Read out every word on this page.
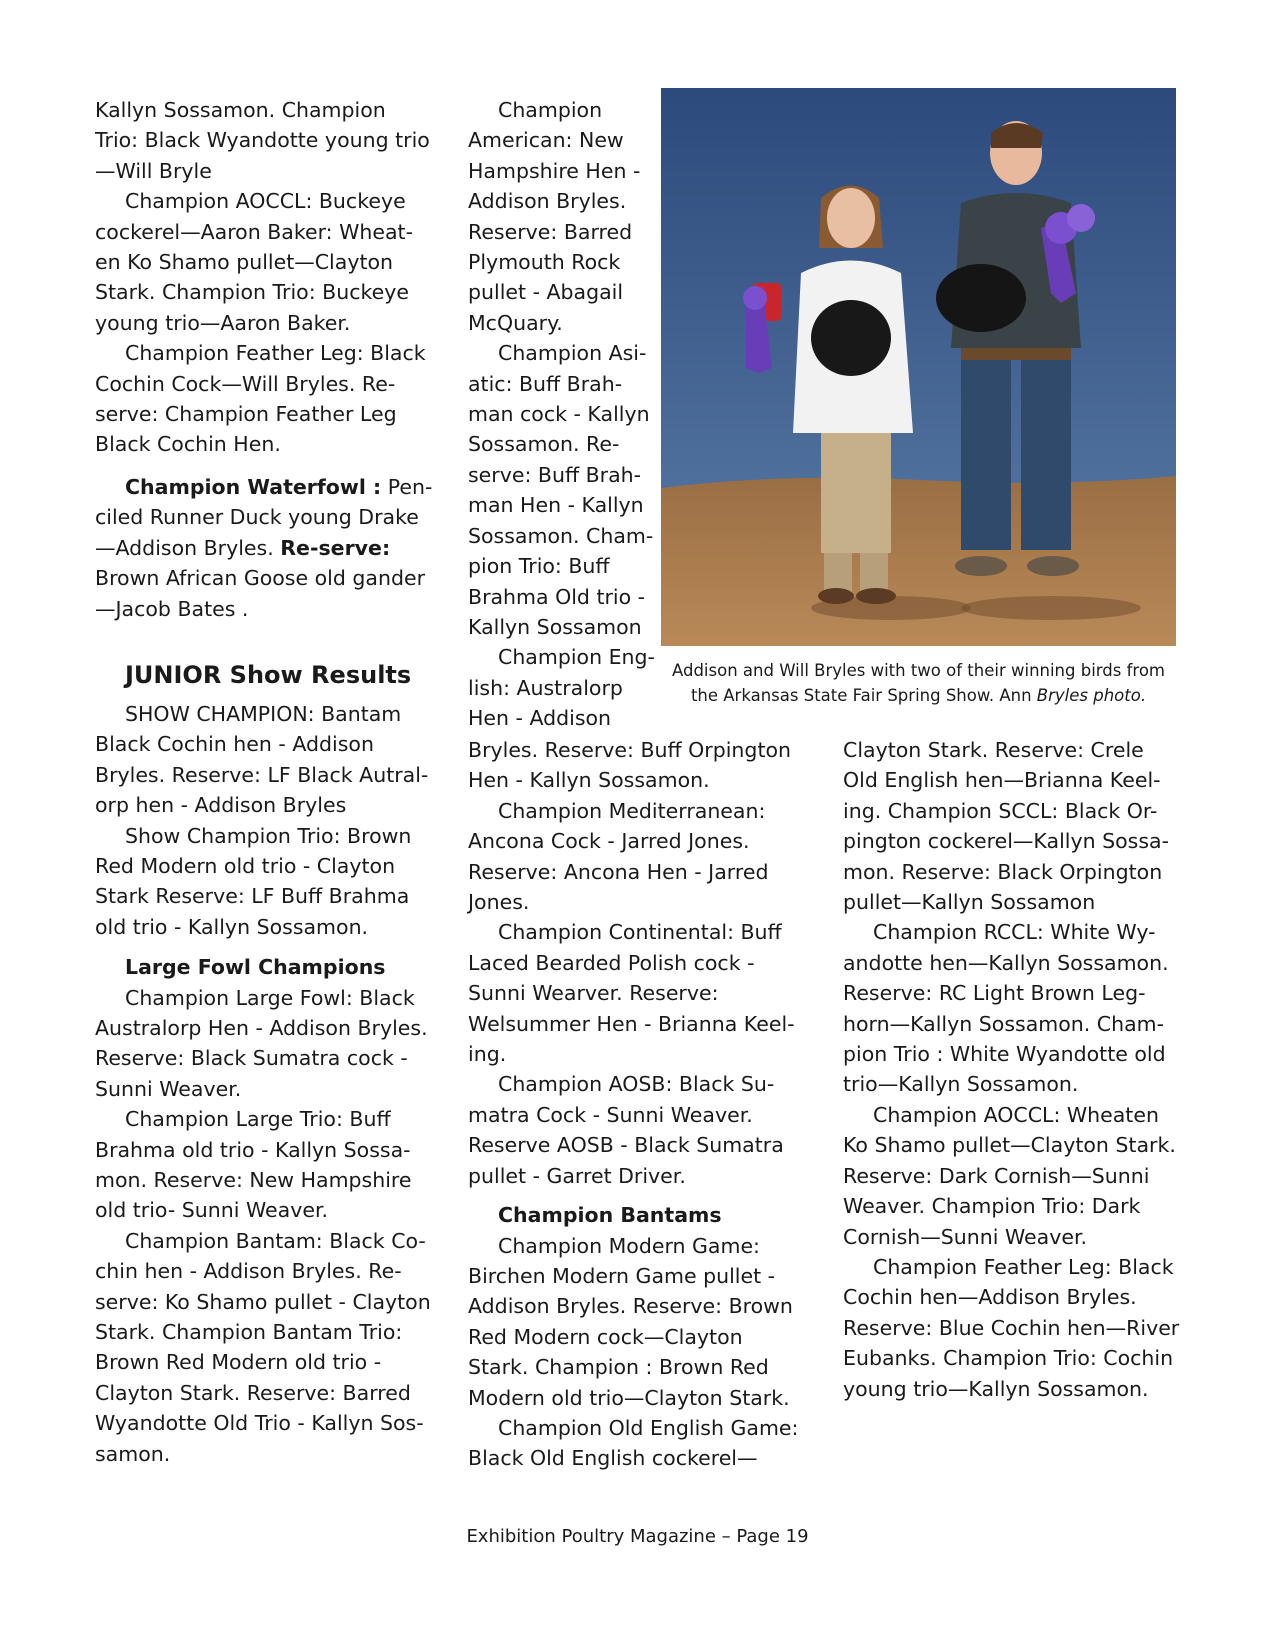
Kallyn Sossamon. Champion Trio: Black Wyandotte young trio—Will Bryle

Champion AOCCL: Buckeye cockerel—Aaron Baker: Wheat-en Ko Shamo pullet—Clayton Stark. Champion Trio: Buckeye young trio—Aaron Baker.

Champion Feather Leg: Black Cochin Cock—Will Bryles. Re-serve: Champion Feather Leg Black Cochin Hen.

Champion Waterfowl : Pen-ciled Runner Duck young Drake—Addison Bryles. Re-serve: Brown African Goose old gander—Jacob Bates .

JUNIOR Show Results

SHOW CHAMPION: Bantam Black Cochin hen - Addison Bryles. Reserve: LF Black Autral-orp hen - Addison Bryles

Show Champion Trio: Brown Red Modern old trio - Clayton Stark Reserve: LF Buff Brahma old trio - Kallyn Sossamon.

Large Fowl Champions

Champion Large Fowl: Black Australorp Hen - Addison Bryles. Reserve: Black Sumatra cock - Sunni Weaver.

Champion Large Trio: Buff Brahma old trio - Kallyn Sossa-mon. Reserve: New Hampshire old trio- Sunni Weaver.

Champion Bantam: Black Co-chin hen - Addison Bryles. Re-serve: Ko Shamo pullet - Clayton Stark. Champion Bantam Trio: Brown Red Modern old trio - Clayton Stark. Reserve: Barred Wyandotte Old Trio - Kallyn Sos-samon.

Champion American: New Hampshire Hen - Addison Bryles. Reserve: Barred Plymouth Rock pullet - Abagail McQuary.

Champion Asi-atic: Buff Brah-man cock - Kallyn Sossamon. Re-serve: Buff Brah-man Hen - Kallyn Sossamon. Cham-pion Trio: Buff Brahma Old trio - Kallyn Sossamon

Champion Eng-lish: Australorp Hen - Addison

Bryles. Reserve: Buff Orpington Hen - Kallyn Sossamon.

Champion Mediterranean: Ancona Cock - Jarred Jones. Reserve: Ancona Hen - Jarred Jones.

Champion Continental: Buff Laced Bearded Polish cock - Sunni Wearver. Reserve: Welsummer Hen - Brianna Keel-ing.

Champion AOSB: Black Su-matra Cock - Sunni Weaver. Reserve AOSB - Black Sumatra pullet - Garret Driver.

Champion Bantams

Champion Modern Game: Birchen Modern Game pullet - Addison Bryles. Reserve: Brown Red Modern cock—Clayton Stark. Champion : Brown Red Modern old trio—Clayton Stark.

Champion Old English Game: Black Old English cockerel—

Clayton Stark. Reserve: Crele Old English hen—Brianna Keel-ing. Champion SCCL: Black Or-pington cockerel—Kallyn Sossa-mon. Reserve: Black Orpington pullet—Kallyn Sossamon

Champion RCCL: White Wy-andotte hen—Kallyn Sossamon. Reserve: RC Light Brown Leg-horn—Kallyn Sossamon. Cham-pion Trio : White Wyandotte old trio—Kallyn Sossamon.

Champion AOCCL: Wheaten Ko Shamo pullet—Clayton Stark. Reserve: Dark Cornish—Sunni Weaver. Champion Trio: Dark Cornish—Sunni Weaver.

Champion Feather Leg: Black Cochin hen—Addison Bryles. Reserve: Blue Cochin hen—River Eubanks. Champion Trio: Cochin young trio—Kallyn Sossamon.

Addison and Will Bryles with two of their winning birds from the Arkansas State Fair Spring Show. Ann Bryles photo.
Exhibition Poultry Magazine – Page 19
